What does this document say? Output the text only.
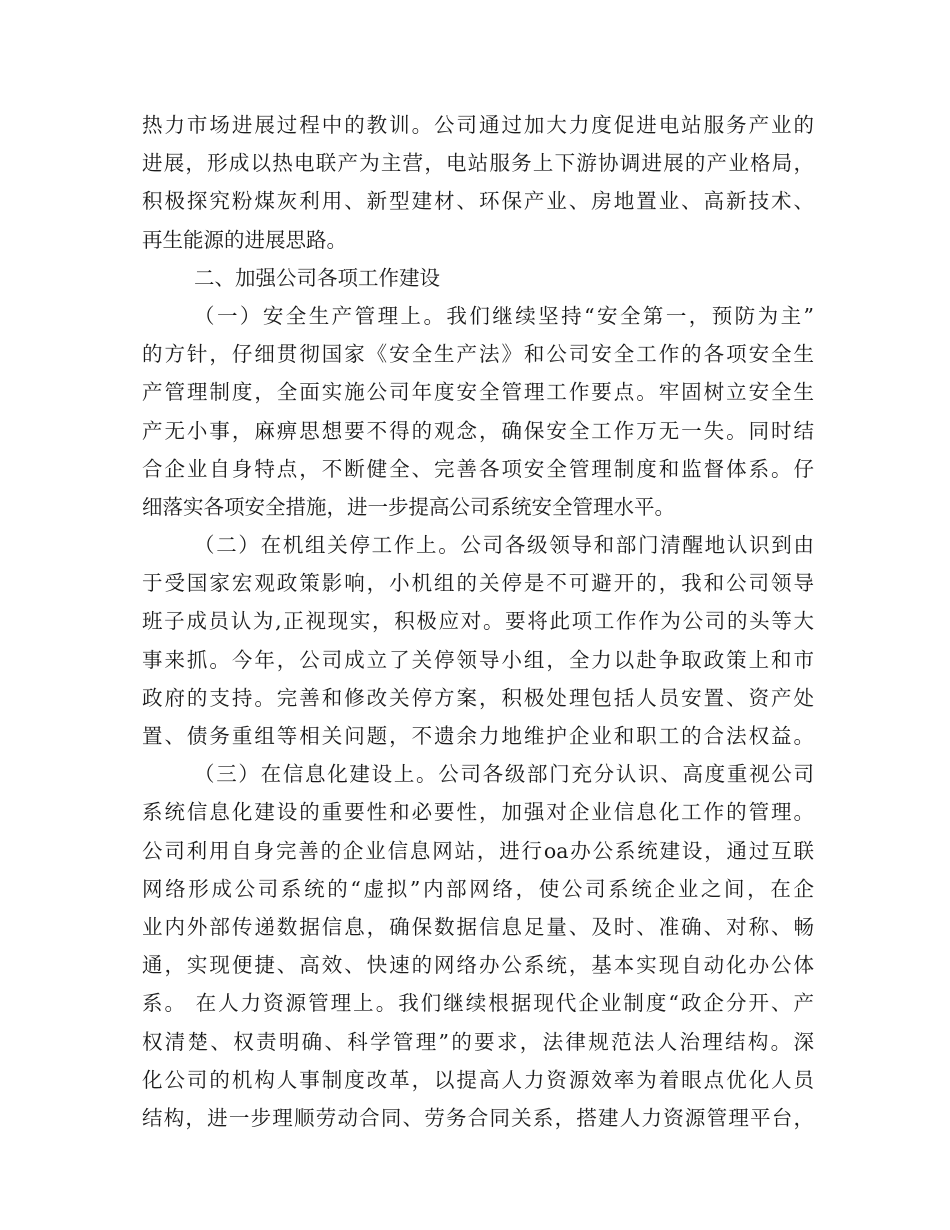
热力市场进展过程中的教训。公司通过加大力度促进电站服务产业的
进展，形成以热电联产为主营，电站服务上下游协调进展的产业格局，
积极探究粉煤灰利用、新型建材、环保产业、房地置业、高新技术、
再生能源的进展思路。
二、加强公司各项工作建设
（一）安全生产管理上。我们继续坚持“安全第一，预防为主”
的方针，仔细贯彻国家《安全生产法》和公司安全工作的各项安全生
产管理制度，全面实施公司年度安全管理工作要点。牢固树立安全生
产无小事，麻痹思想要不得的观念，确保安全工作万无一失。同时结
合企业自身特点，不断健全、完善各项安全管理制度和监督体系。仔
细落实各项安全措施，进一步提高公司系统安全管理水平。
（二）在机组关停工作上。公司各级领导和部门清醒地认识到由
于受国家宏观政策影响，小机组的关停是不可避开的，我和公司领导
班子成员认为,正视现实，积极应对。要将此项工作作为公司的头等大
事来抓。今年，公司成立了关停领导小组，全力以赴争取政策上和市
政府的支持。完善和修改关停方案，积极处理包括人员安置、资产处
置、债务重组等相关问题，不遗余力地维护企业和职工的合法权益。
（三）在信息化建设上。公司各级部门充分认识、高度重视公司
系统信息化建设的重要性和必要性，加强对企业信息化工作的管理。
公司利用自身完善的企业信息网站，进行oa办公系统建设，通过互联
网络形成公司系统的“虚拟”内部网络，使公司系统企业之间，在企
业内外部传递数据信息，确保数据信息足量、及时、准确、对称、畅
通，实现便捷、高效、快速的网络办公系统，基本实现自动化办公体
系。 在人力资源管理上。我们继续根据现代企业制度“政企分开、产
权清楚、权责明确、科学管理”的要求，法律规范法人治理结构。深
化公司的机构人事制度改革，以提高人力资源效率为着眼点优化人员
结构，进一步理顺劳动合同、劳务合同关系，搭建人力资源管理平台，
